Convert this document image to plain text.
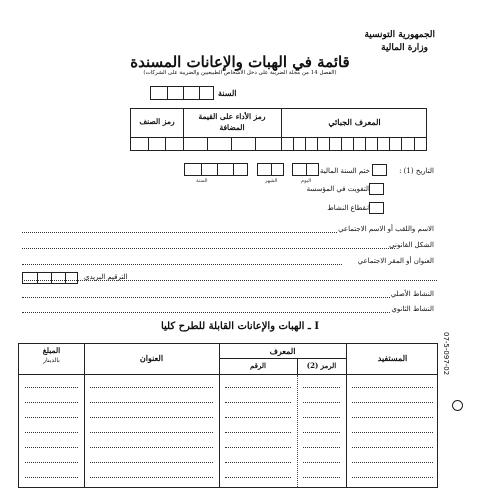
الجمهورية التونسية
وزارة المالية
قائمة في الهبات والإعانات المسندة
(الفصل 14 من مجلة الضريبة على دخل الأشخاص الطبيعيين والضريبة على الشركات)
السنة
المعرف الجبائي
رمز الأداء على القيمة المضافة
رمز الصنف
التاريخ (1) :
ختم السنة المالية
التفويت في المؤسسة
انقطاع النشاط
السنة	الشهر	اليوم
الاسم واللقب أو الاسم الاجتماعي
الشكل القانوني
العنوان أو المقر الاجتماعي
الترقيم البريدي
النشاط الأصلي
النشاط الثانوي
I ـ الهبات والإعانات القابلة للطرح كليا
07-5-097-02
المستفيد
المعرف
الرمز (2)
الرقم
العنوان
المبلغ
بالدينار
